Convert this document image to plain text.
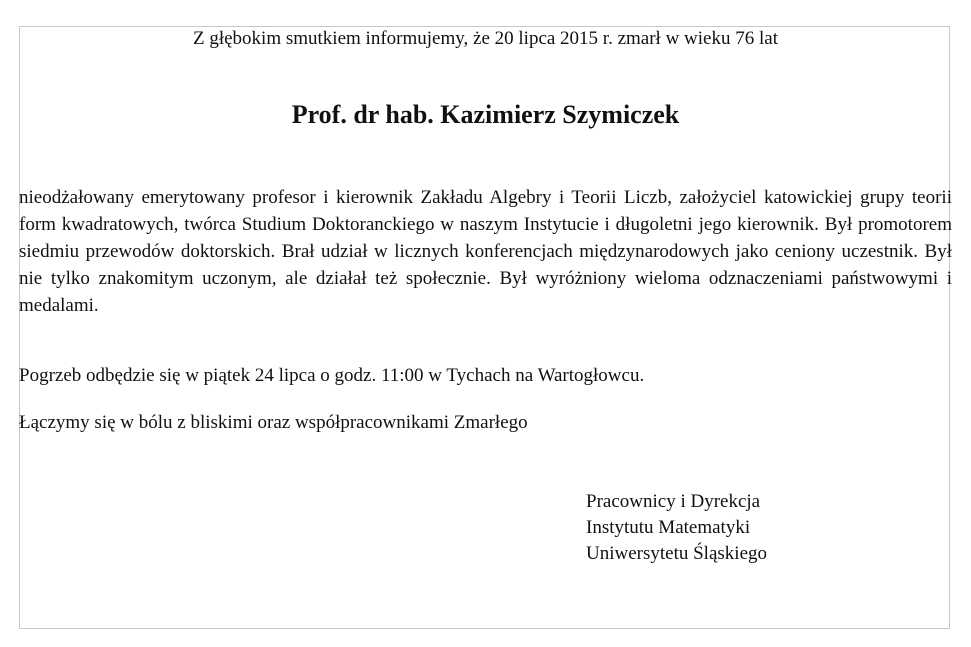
Z głębokim smutkiem informujemy, że 20 lipca 2015 r. zmarł w wieku 76 lat
Prof. dr hab. Kazimierz Szymiczek

nieodżałowany emerytowany profesor i kierownik Zakładu Algebry i Teorii Liczb, założyciel katowickiej grupy teorii form kwadratowych, twórca Studium Doktoranckiego w naszym Instytucie i długoletni jego kierownik. Był promotorem siedmiu przewodów doktorskich. Brał udział w licznych konferencjach międzynarodowych jako ceniony uczestnik. Był nie tylko znakomitym uczonym, ale działał też społecznie. Był wyróżniony wieloma odznaczeniami państwowymi i medalami.

Pogrzeb odbędzie się w piątek 24 lipca o godz. 11:00 w Tychach na Wartogłowcu.

Łączymy się w bólu z bliskimi oraz współpracownikami Zmarłego

Pracownicy i Dyrekcja
Instytutu Matematyki
Uniwersytetu Śląskiego
